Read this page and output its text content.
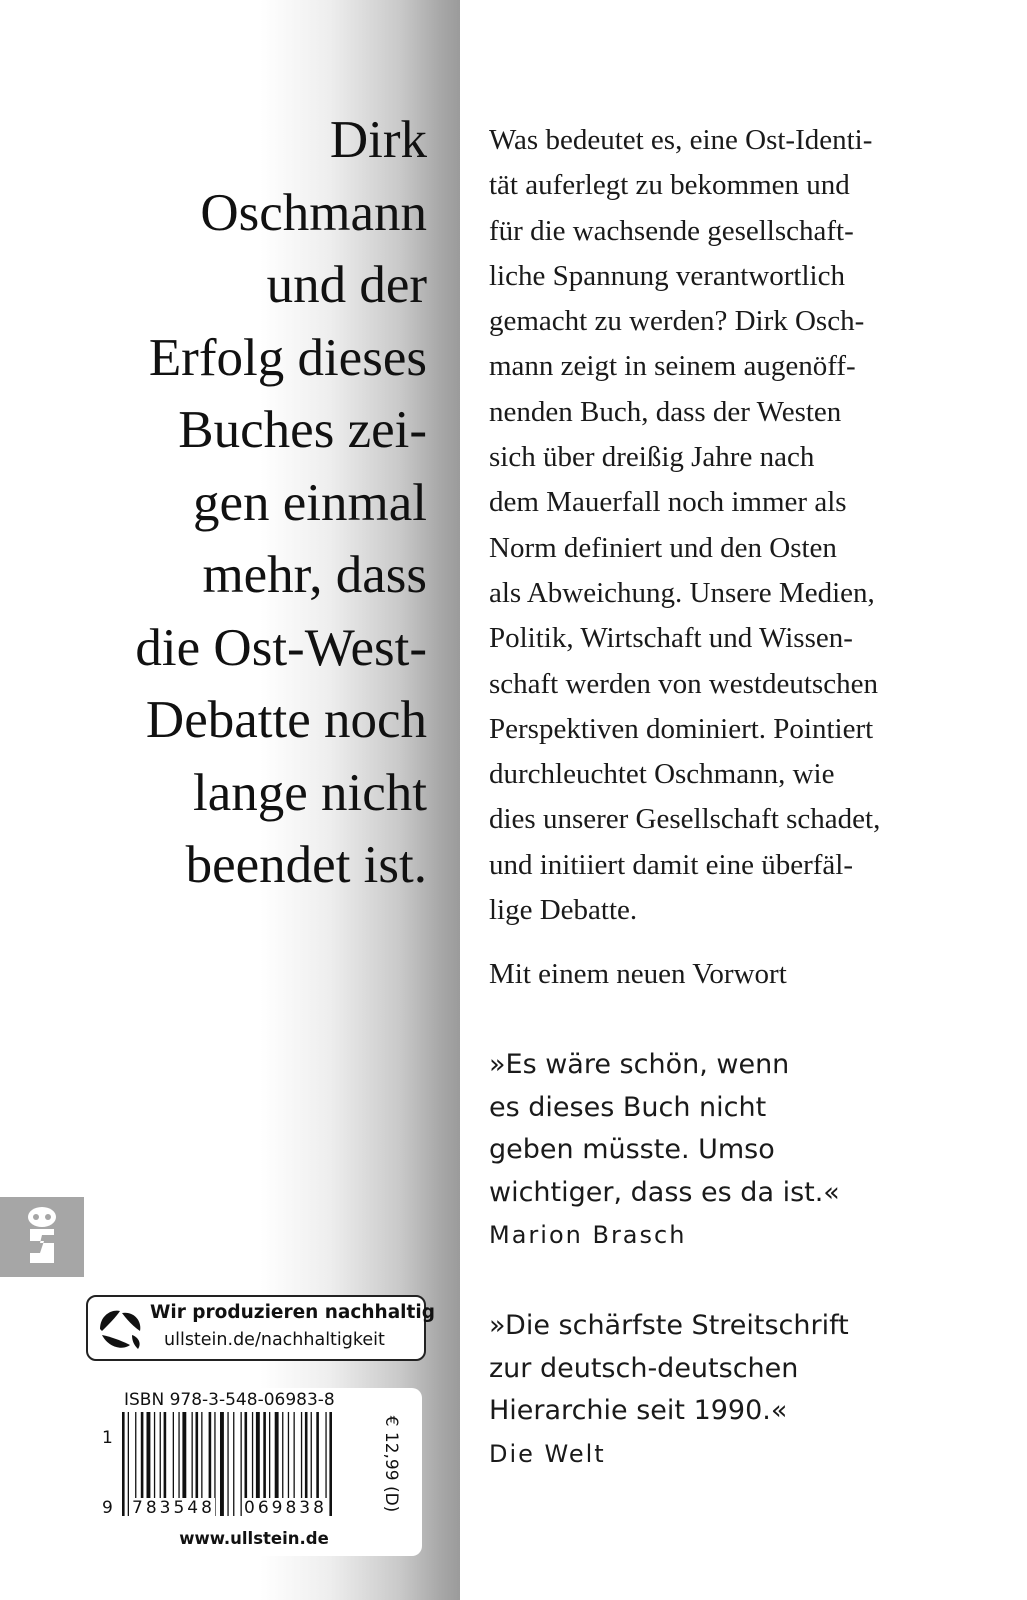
Dirk
Oschmann
und der
Erfolg dieses
Buches zei-
gen einmal
mehr, dass
die Ost-West-
Debatte noch
lange nicht
beendet ist.
Was bedeutet es, eine Ost-Identi-
tät auferlegt zu bekommen und
für die wachsende gesellschaft-
liche Spannung verantwortlich
gemacht zu werden? Dirk Osch-
mann zeigt in seinem augenöff-
nenden Buch, dass der Westen
sich über dreißig Jahre nach
dem Mauerfall noch immer als
Norm definiert und den Osten
als Abweichung. Unsere Medien,
Politik, Wirtschaft und Wissen-
schaft werden von westdeutschen
Perspektiven dominiert. Pointiert
durchleuchtet Oschmann, wie
dies unserer Gesellschaft schadet,
und initiiert damit eine überfäl-
lige Debatte.
Mit einem neuen Vorwort
»Es wäre schön, wenn
es dieses Buch nicht
geben müsste. Umso
wichtiger, dass es da ist.«
Marion Brasch
»Die schärfste Streitschrift
zur deutsch-deutschen
Hierarchie seit 1990.«
Die Welt
Wir produzieren nachhaltig
ullstein.de/nachhaltigkeit
ISBN 978-3-548-06983-8
1
9 783548 069838	€ 12,99 (D)
www.ullstein.de
